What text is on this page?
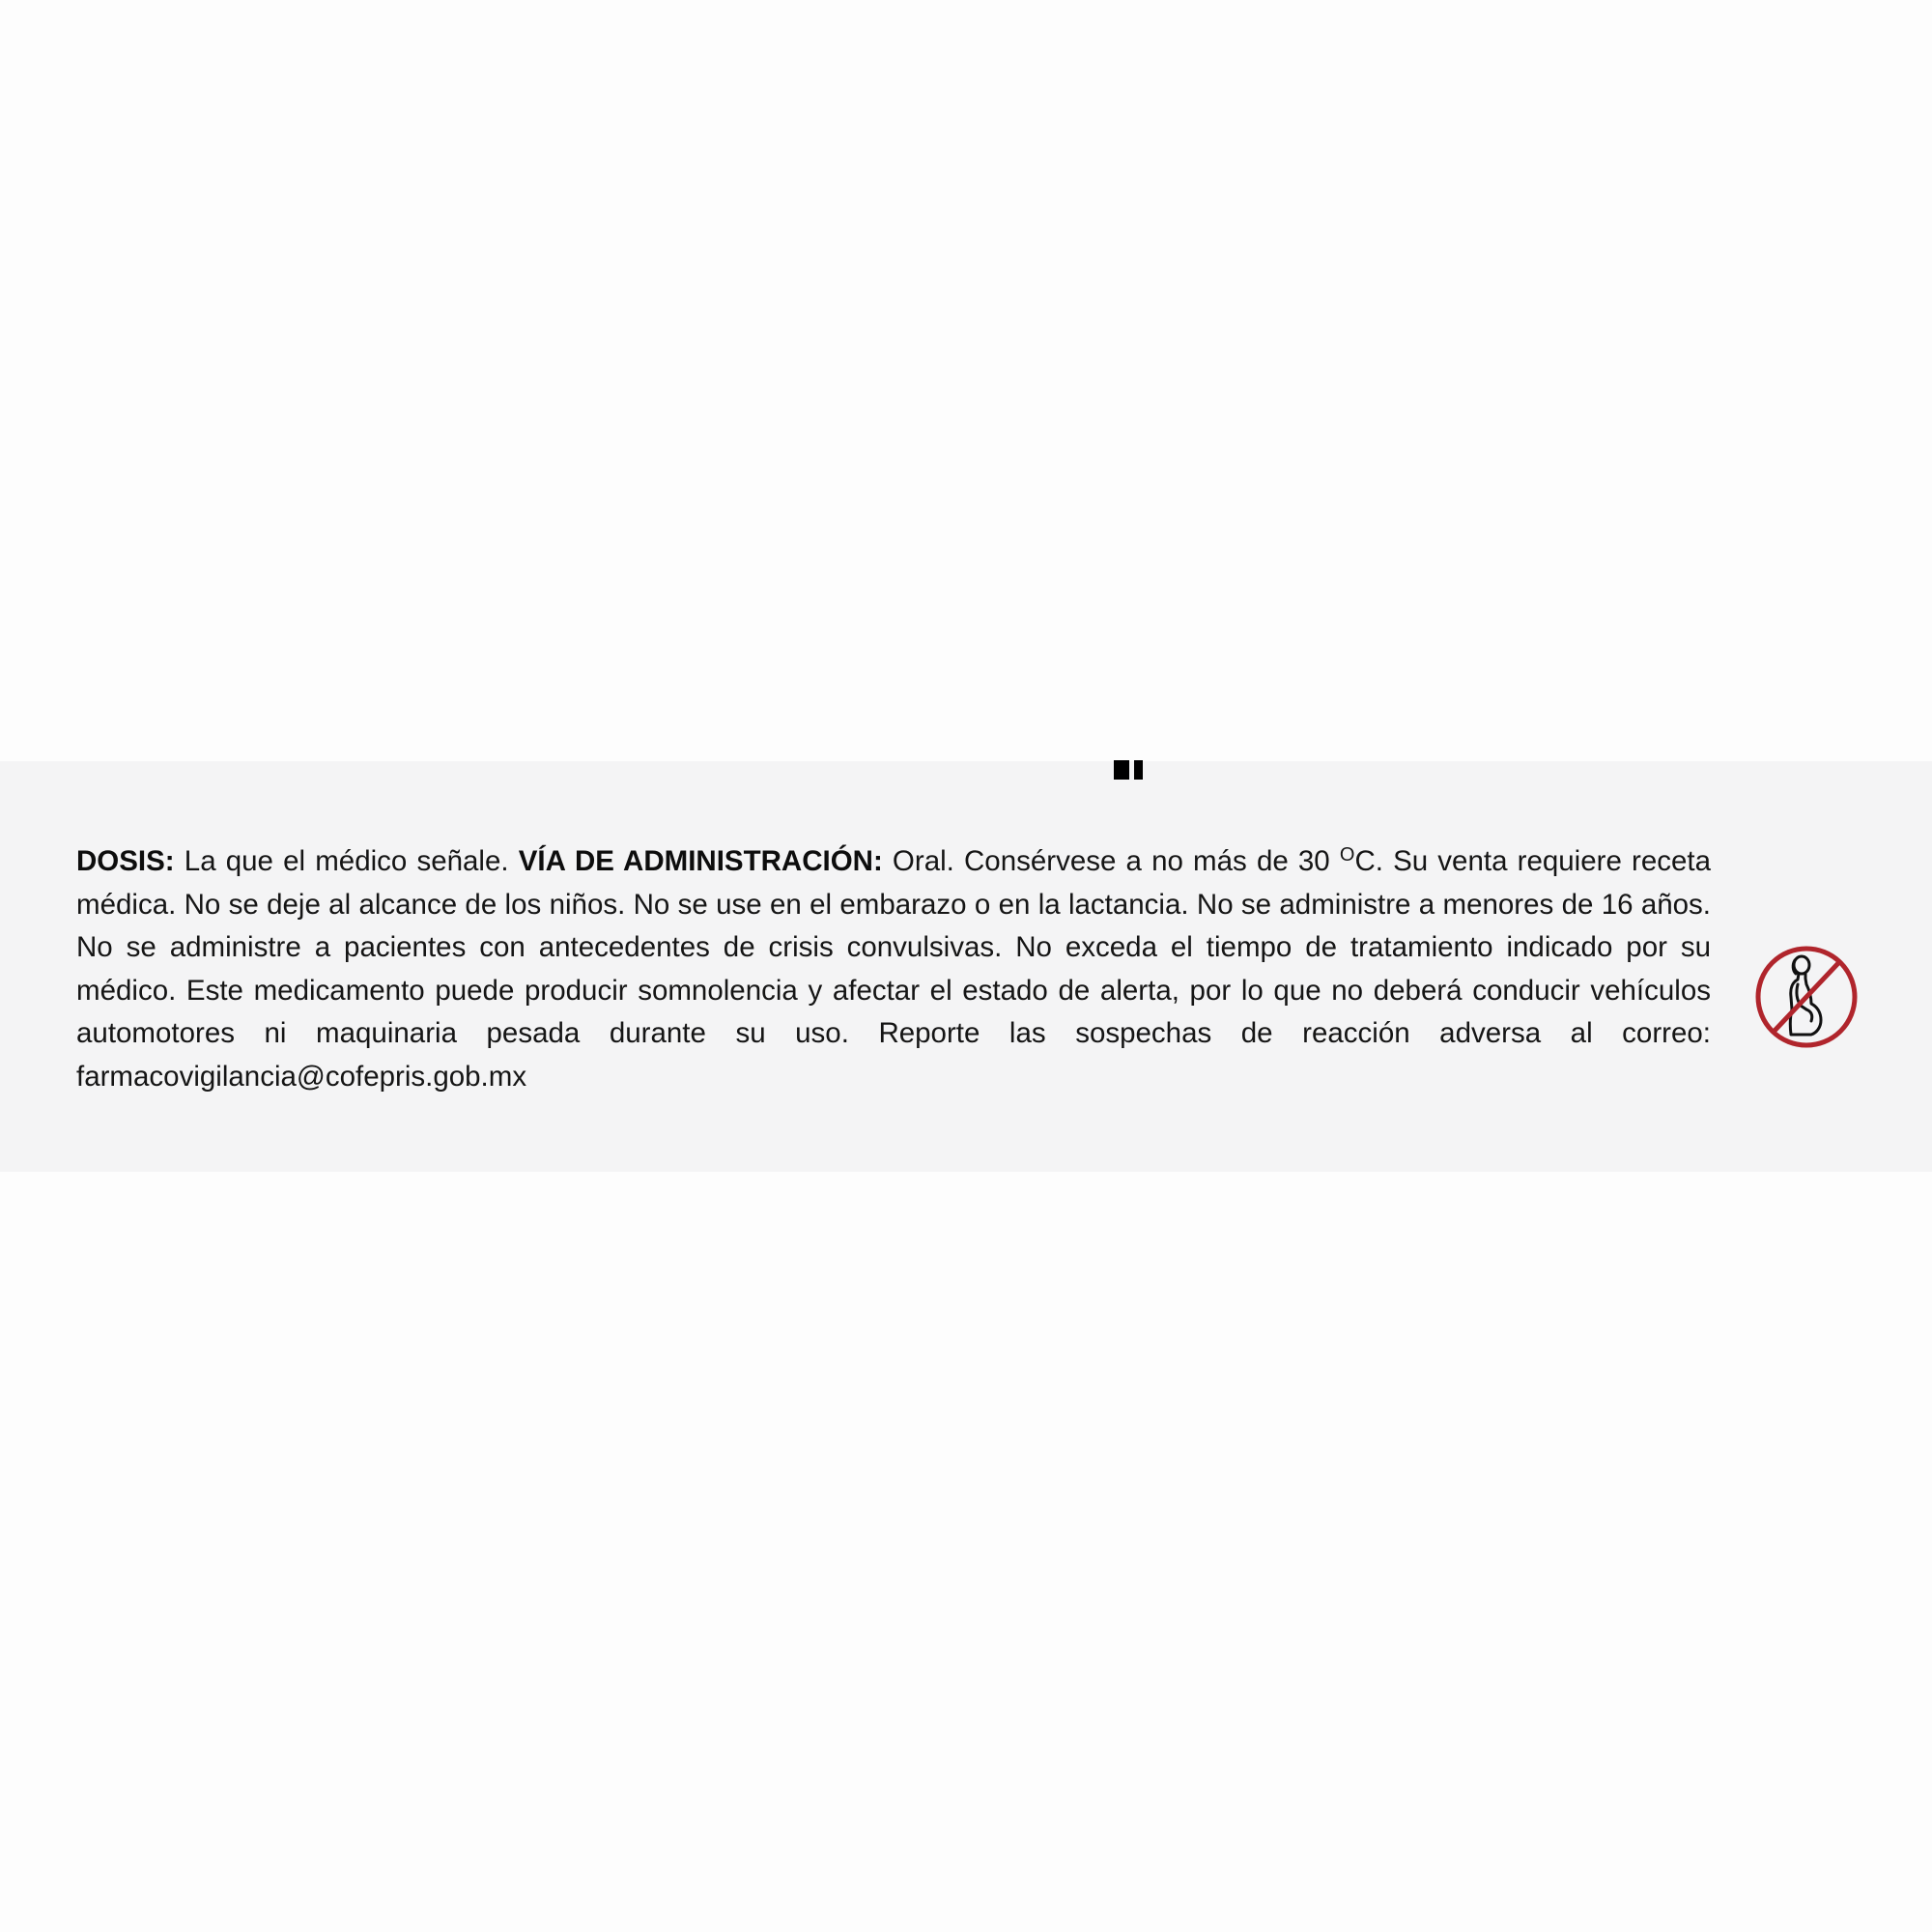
DOSIS: La que el médico señale. VÍA DE ADMINISTRACIÓN: Oral. Consérvese a no más de 30 $^O$C. Su venta requiere receta médica. No se deje al alcance de los niños. No se use en el embarazo o en la lactancia. No se administre a menores de 16 años. No se administre a pacientes con antecedentes de crisis convulsivas. No exceda el tiempo de tratamiento indicado por su médico. Este medicamento puede producir somnolencia y afectar el estado de alerta, por lo que no deberá conducir vehículos automotores ni maquinaria pesada durante su uso. Reporte las sospechas de reacción adversa al correo: farmacovigilancia@cofepris.gob.mx
